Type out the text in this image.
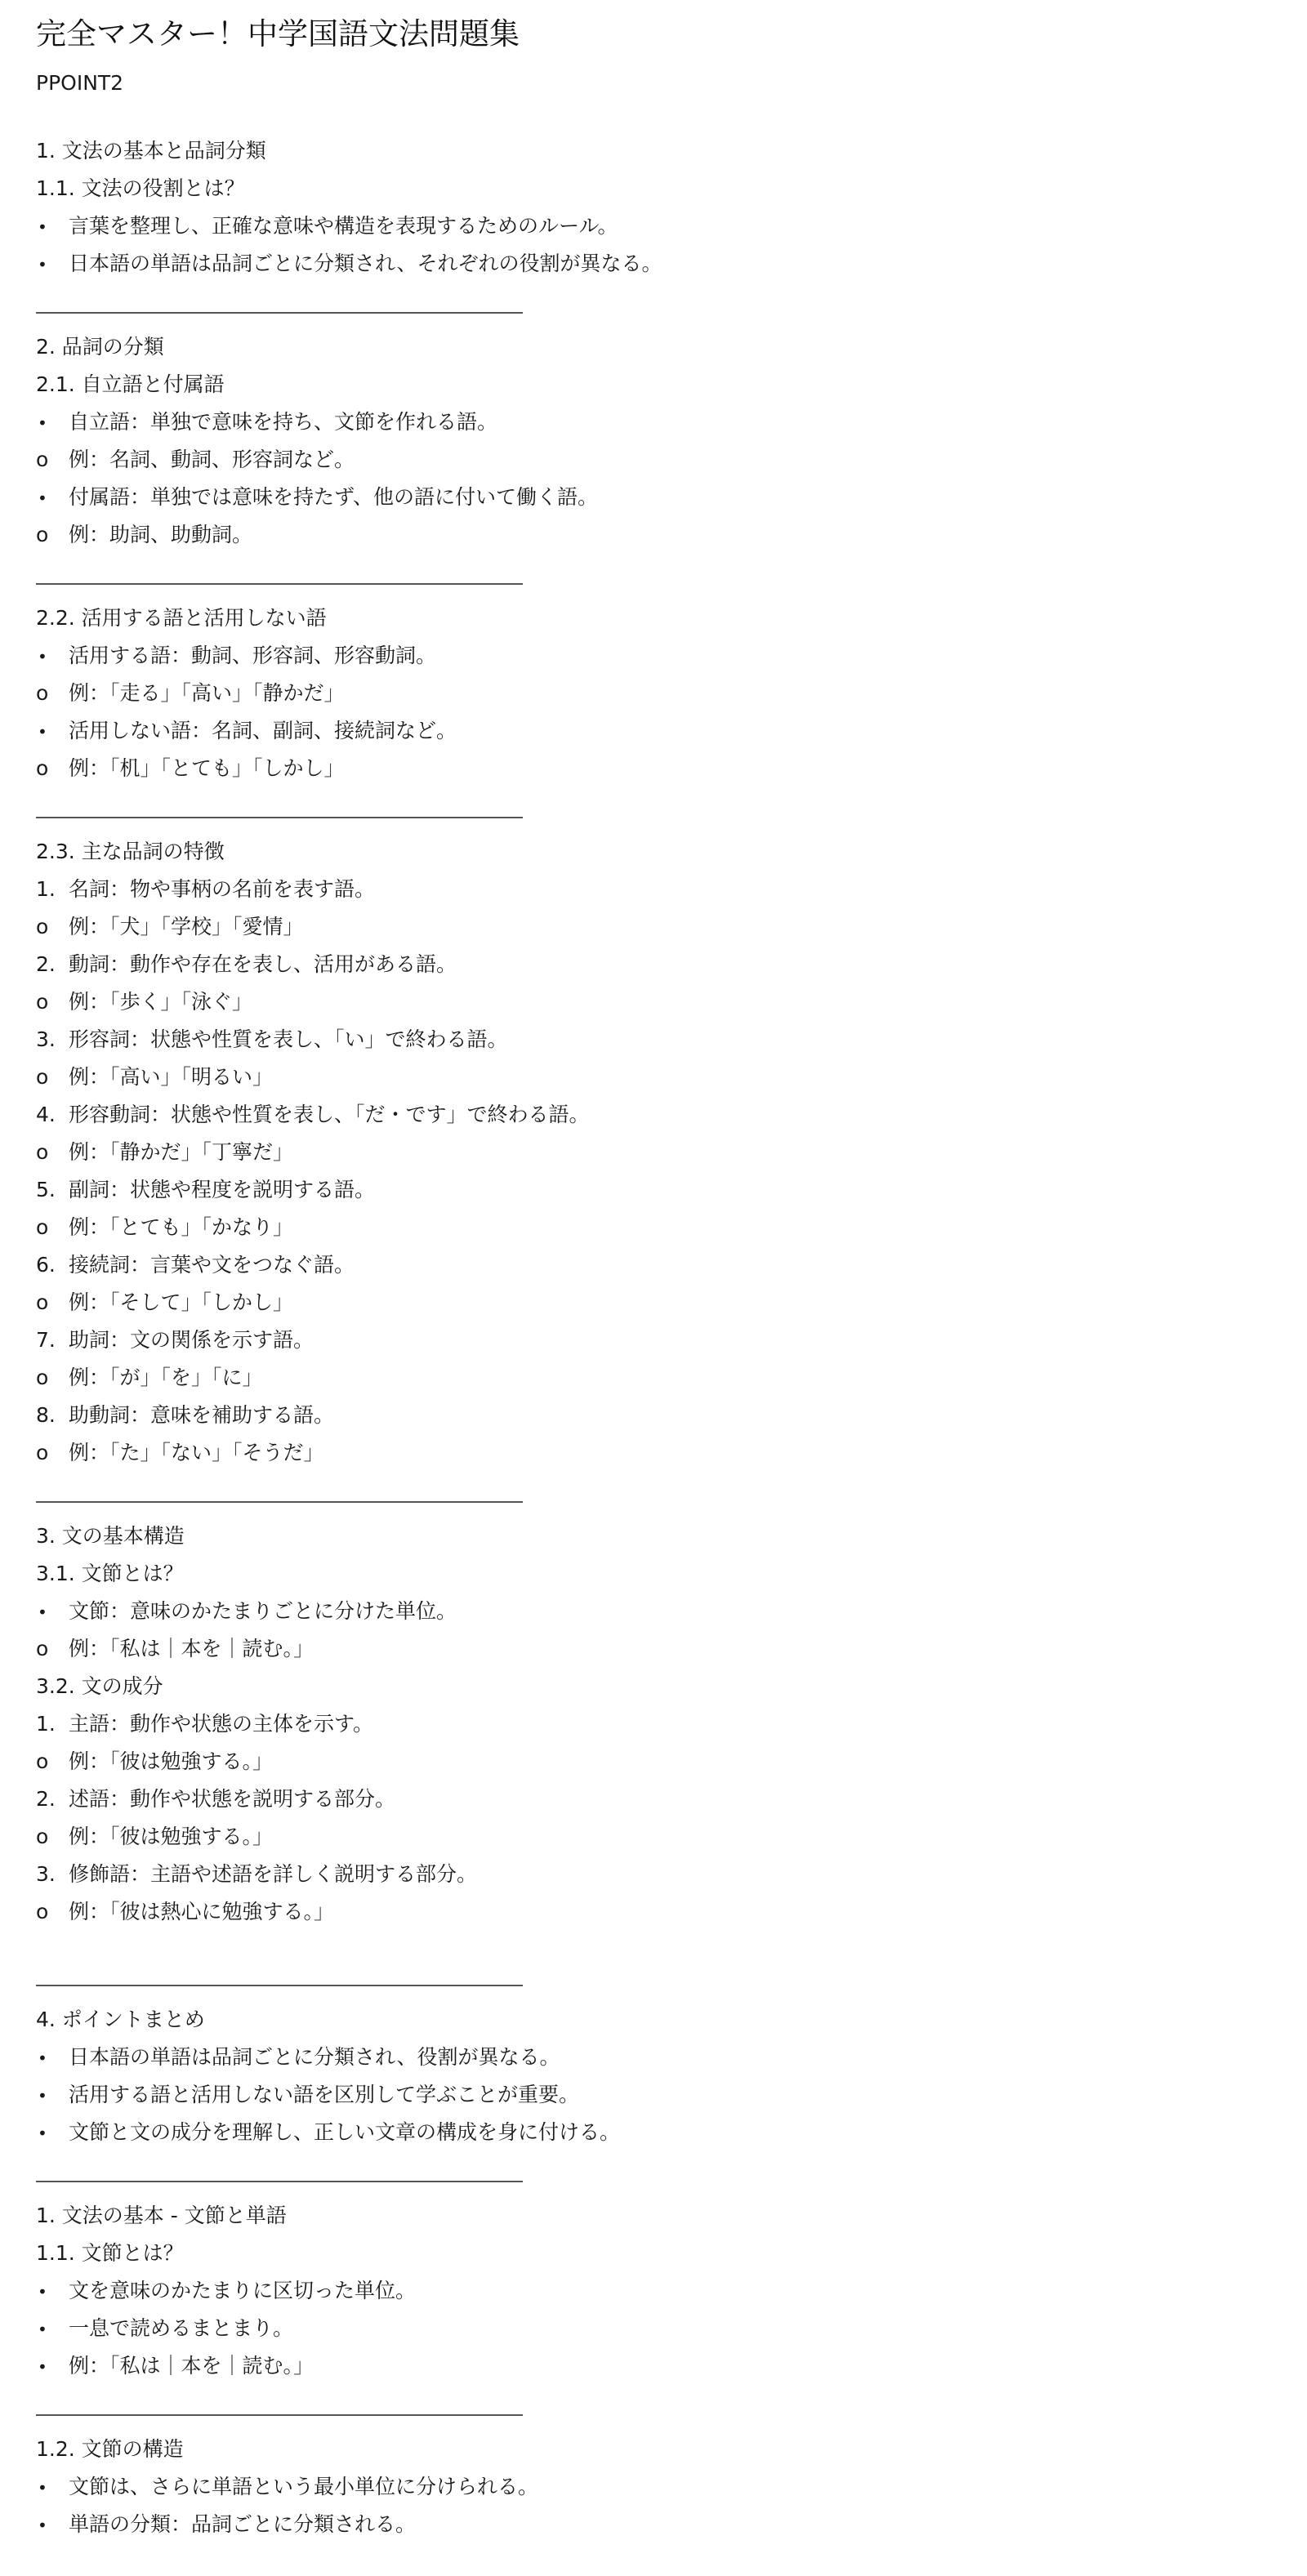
完全マスター！中学国語文法問題集
PPOINT2
1. 文法の基本と品詞分類
1.1. 文法の役割とは？
•	言葉を整理し、正確な意味や構造を表現するためのルール。
•	日本語の単語は品詞ごとに分類され、それぞれの役割が異なる。
2. 品詞の分類
2.1. 自立語と付属語
•	自立語：単独で意味を持ち、文節を作れる語。
o 例：名詞、動詞、形容詞など。
•	付属語：単独では意味を持たず、他の語に付いて働く語。
o 例：助詞、助動詞。
2.2. 活用する語と活用しない語
•	活用する語：動詞、形容詞、形容動詞。
o 例：「走る」「高い」「静かだ」
•	活用しない語：名詞、副詞、接続詞など。
o 例：「机」「とても」「しかし」
2.3. 主な品詞の特徴
1. 名詞：物や事柄の名前を表す語。
o 例：「犬」「学校」「愛情」
2. 動詞：動作や存在を表し、活用がある語。
o 例：「歩く」「泳ぐ」
3. 形容詞：状態や性質を表し、「い」で終わる語。
o 例：「高い」「明るい」
4. 形容動詞：状態や性質を表し、「だ・です」で終わる語。
o 例：「静かだ」「丁寧だ」
5. 副詞：状態や程度を説明する語。
o 例：「とても」「かなり」
6. 接続詞：言葉や文をつなぐ語。
o 例：「そして」「しかし」
7. 助詞：文の関係を示す語。
o 例：「が」「を」「に」
8. 助動詞：意味を補助する語。
o 例：「た」「ない」「そうだ」
3. 文の基本構造
3.1. 文節とは？
•	文節：意味のかたまりごとに分けた単位。
o 例：「私は｜本を｜読む。」
3.2. 文の成分
1. 主語：動作や状態の主体を示す。
o 例：「彼は勉強する。」
2. 述語：動作や状態を説明する部分。
o 例：「彼は勉強する。」
3. 修飾語：主語や述語を詳しく説明する部分。
o 例：「彼は熱心に勉強する。」
4. ポイントまとめ
•	日本語の単語は品詞ごとに分類され、役割が異なる。
•	活用する語と活用しない語を区別して学ぶことが重要。
•	文節と文の成分を理解し、正しい文章の構成を身に付ける。
1. 文法の基本 - 文節と単語
1.1. 文節とは？
•	文を意味のかたまりに区切った単位。
•	一息で読めるまとまり。
•	例：「私は｜本を｜読む。」
1.2. 文節の構造
•	文節は、さらに単語という最小単位に分けられる。
•	単語の分類：品詞ごとに分類される。
